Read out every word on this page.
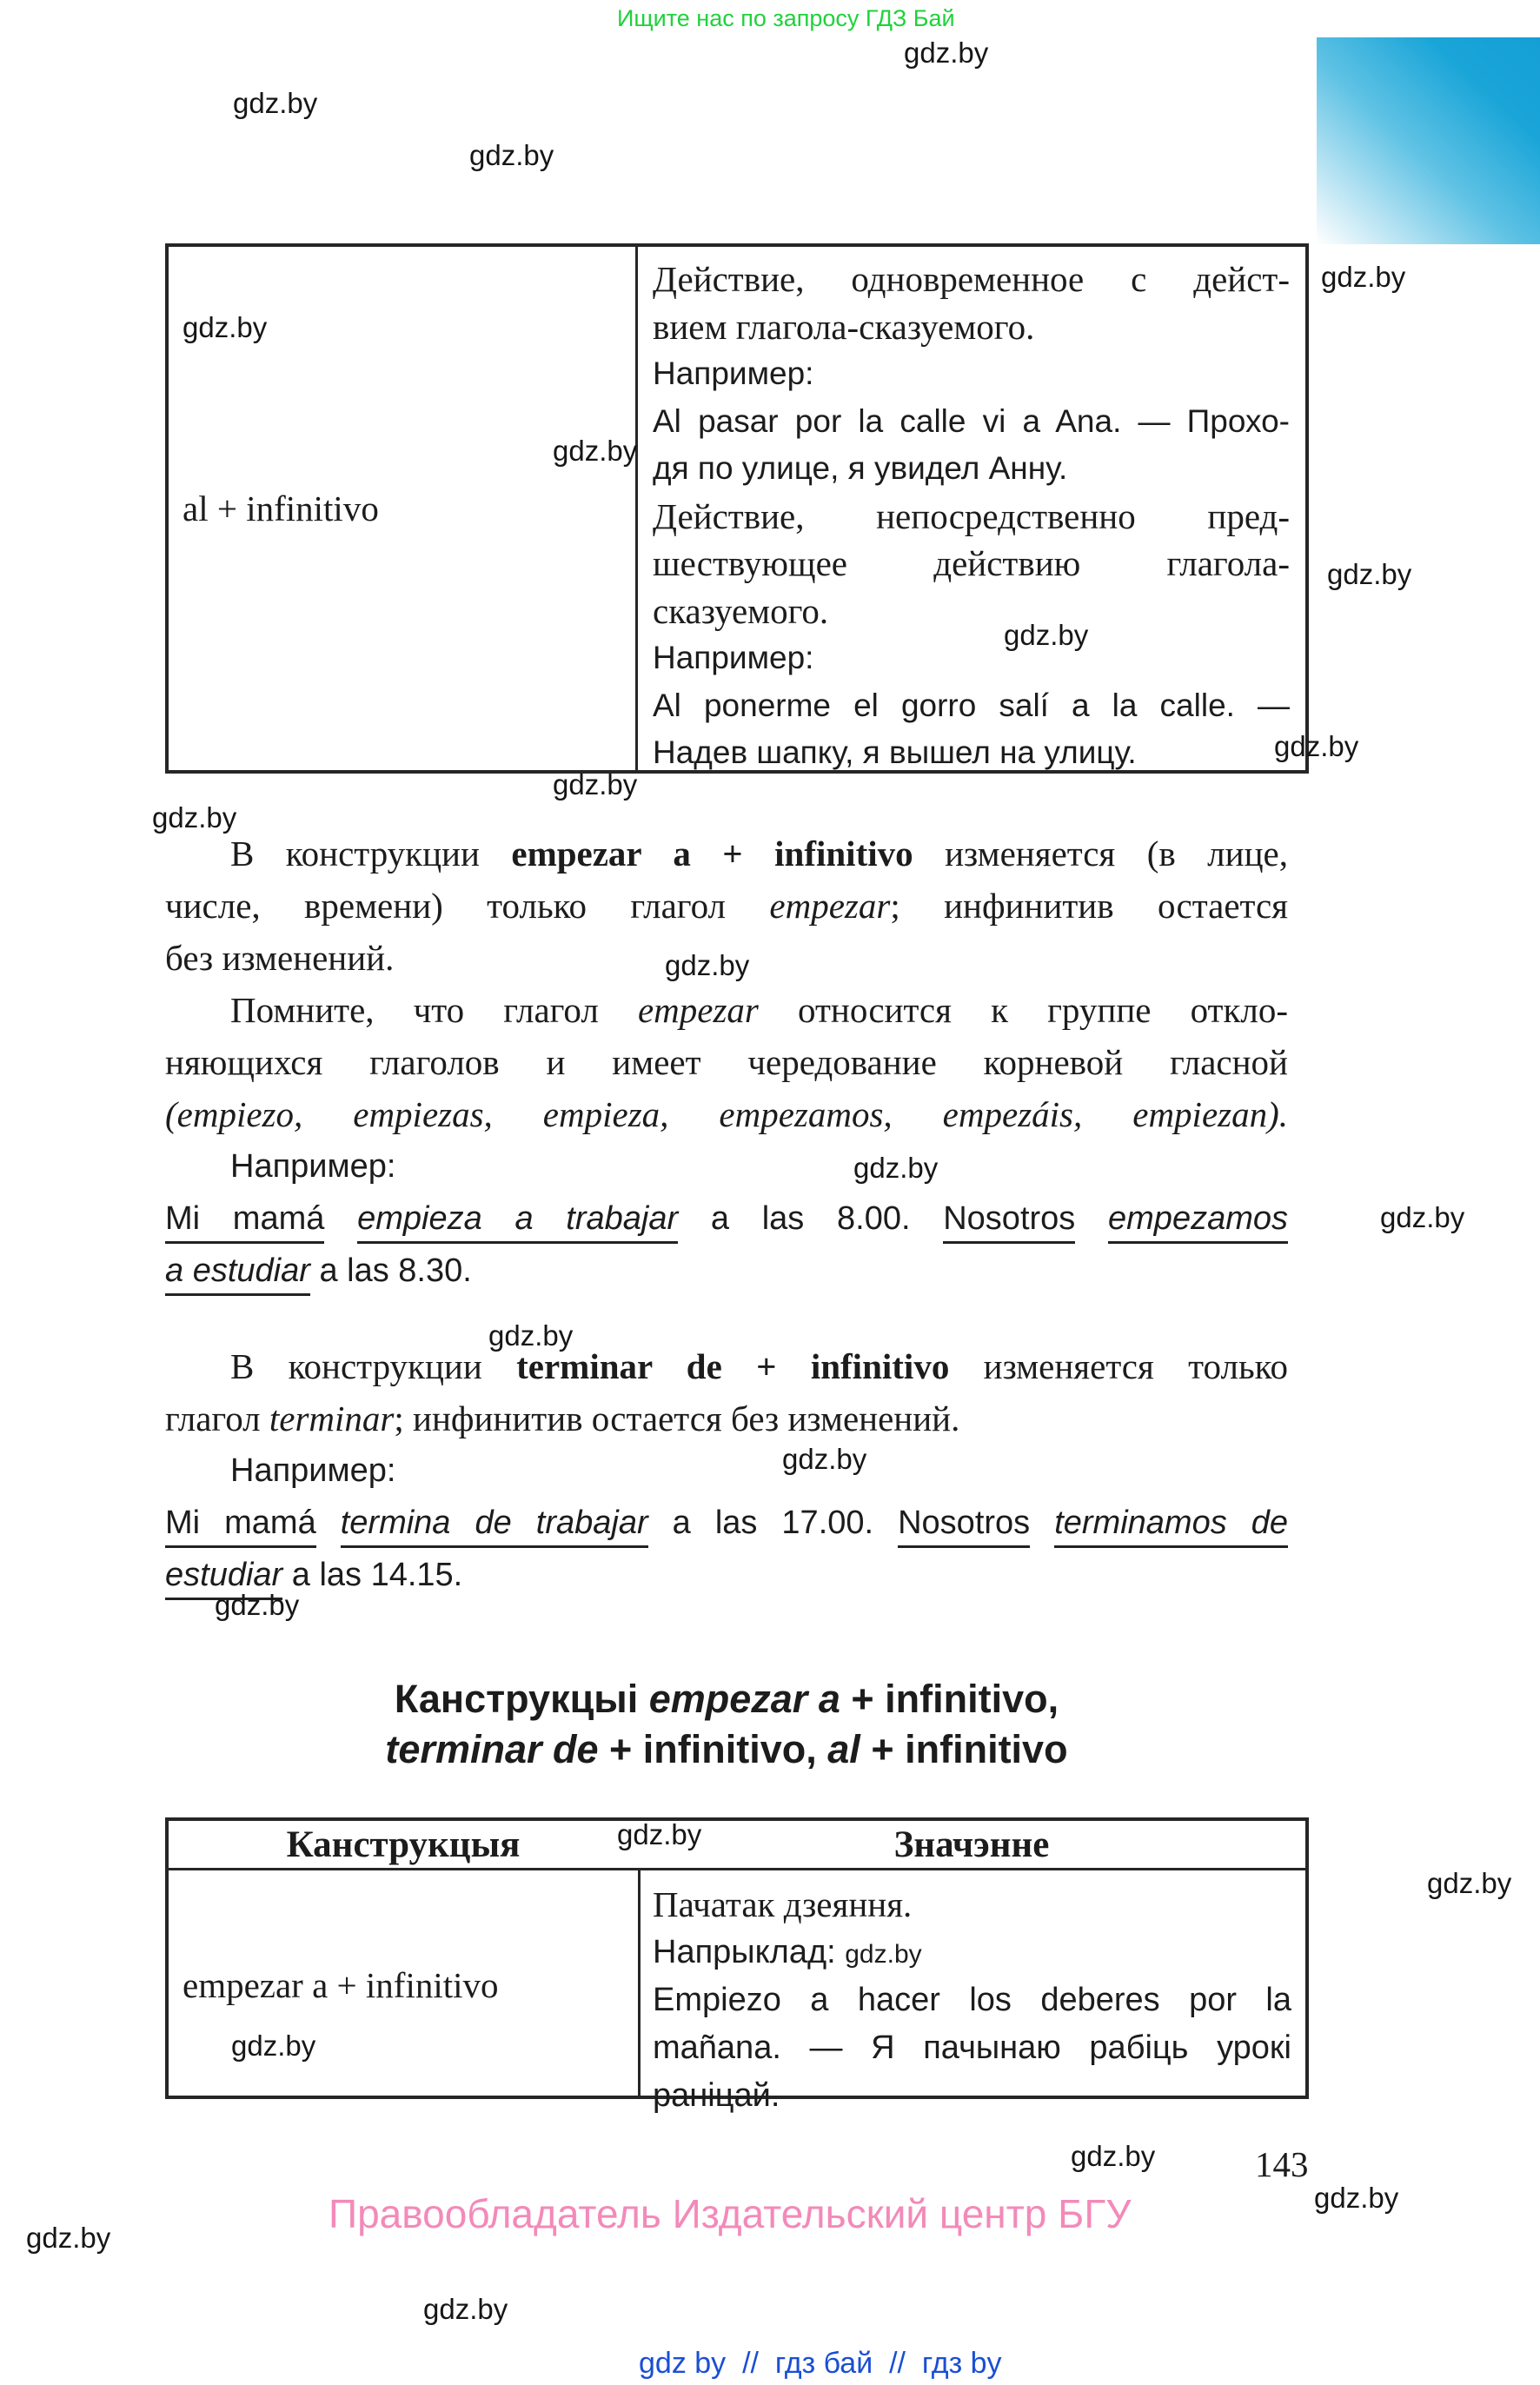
Ищите нас по запросу ГДЗ Бай
al + infinitivo
Действие, одновременное с дейст-
вием глагола-сказуемого.
Например:
Al pasar por la calle vi a Ana. — Прохо-
дя по улице, я увидел Анну.
Действие, непосредственно пред-
шествующее действию глагола-
сказуемого.
Например:
Al ponerme el gorro salí a la calle. —
Надев шапку, я вышел на улицу.
В конструкции empezar a + infinitivo изменяется (в лице,
числе, времени) только глагол empezar; инфинитив остается
без изменений.
Помните, что глагол empezar относится к группе откло-
няющихся глаголов и имеет чередование корневой гласной
(empiezo, empiezas, empieza, empezamos, empezáis, empiezan).
Например:
Mi mamá empieza a trabajar a las 8.00. Nosotros empezamos
a estudiar a las 8.30.
В конструкции terminar de + infinitivo изменяется только
глагол terminar; инфинитив остается без изменений.
Например:
Mi mamá termina de trabajar a las 17.00. Nosotros terminamos de
estudiar a las 14.15.
Канструкцыі empezar a + infinitivo,
terminar de + infinitivo, al + infinitivo
Канструкцыя	Значэнне
empezar a + infinitivo
Пачатак дзеяння.
Напрыклад: gdz.by
Empiezo a hacer los deberes por la
mañana. — Я пачынаю рабіць урокі
раніцай.
143
Правообладатель Издательский центр БГУ
gdz by  //  гдз бай  //  гдз by
gdz.by
gdz.by
gdz.by
gdz.by
gdz.by
gdz.by
gdz.by
gdz.by
gdz.by
gdz.by
gdz.by
gdz.by
gdz.by
gdz.by
gdz.by
gdz.by
gdz.by
gdz.by
gdz.by
gdz.by
gdz.by
gdz.by
gdz.by
gdz.by
